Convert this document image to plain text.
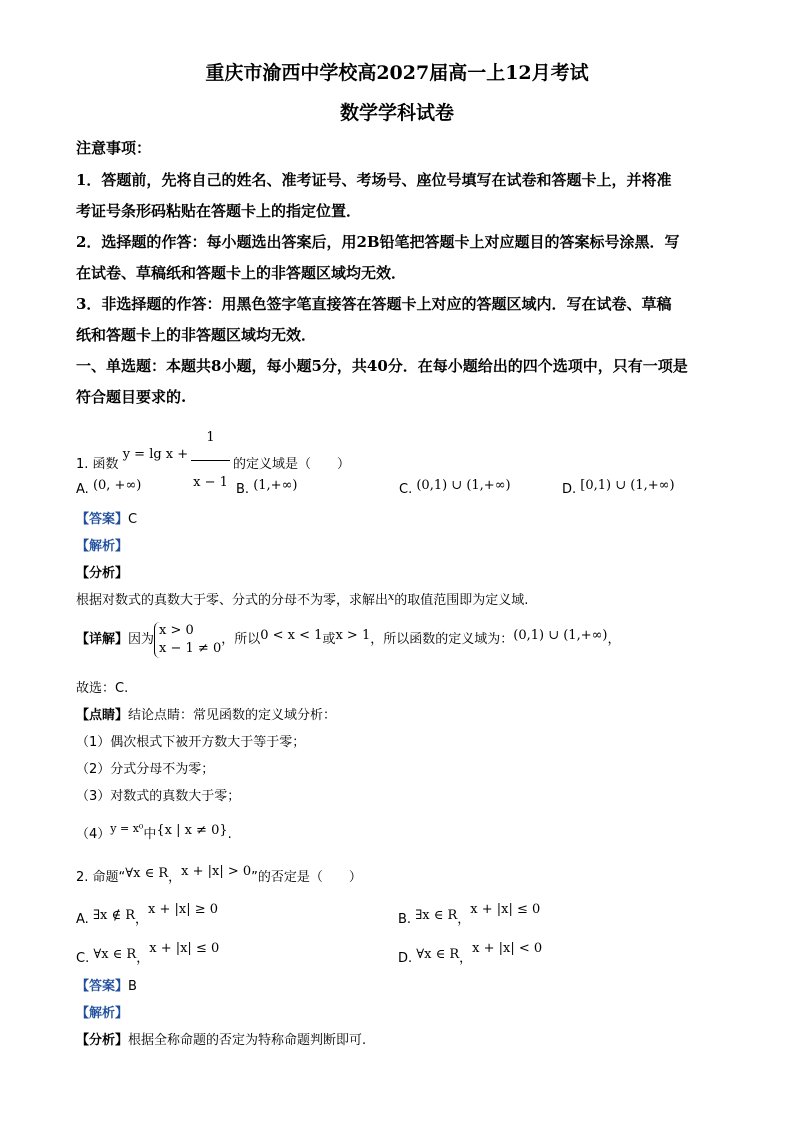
重庆市渝西中学校高2027届高一上12月考试
数学学科试卷
注意事项：
1．答题前，先将自己的姓名、准考证号、考场号、座位号填写在试卷和答题卡上，并将准
考证号条形码粘贴在答题卡上的指定位置．
2．选择题的作答：每小题选出答案后，用2B铅笔把答题卡上对应题目的答案标号涂黑．写
在试卷、草稿纸和答题卡上的非答题区域均无效．
3．非选择题的作答：用黑色签字笔直接答在答题卡上对应的答题区域内．写在试卷、草稿
纸和答题卡上的非答题区域均无效．
一、单选题：本题共8小题，每小题5分，共40分．在每小题给出的四个选项中，只有一项是
符合题目要求的.
1. 函数 $y = \lg x + \frac{1}{x - 1}$ 的定义域是（　　）
A. (0, +∞)	B. (1,+∞)	C. (0,1) ∪ (1,+∞)	D. [0,1) ∪ (1,+∞)
【答案】C
【解析】
【分析】
根据对数式的真数大于零、分式的分母不为零，求解出$^x$的取值范围即为定义域.
【详解】因为
x > 0
x − 1 ≠ 0
，所以0 < x < 1或x > 1，所以函数的定义域为：(0,1) ∪ (1,+∞)，
故选：C.
【点睛】结论点睛：常见函数的定义域分析：
（1）偶次根式下被开方数大于等于零；
（2）分式分母不为零；
（3）对数式的真数大于零；
$(4)^{y = x^0}$中{x | x ≠ 0}.
2. 命题“∀x ∈ R，x + |x| > 0”的否定是（　　）
A. ∃x ∉ R，x + |x| ≥ 0
B. ∃x ∈ R，x + |x| ≤ 0
C. ∀x ∈ R，x + |x| ≤ 0
D. ∀x ∈ R，x + |x| < 0
【答案】B
【解析】
【分析】根据全称命题的否定为特称命题判断即可.
